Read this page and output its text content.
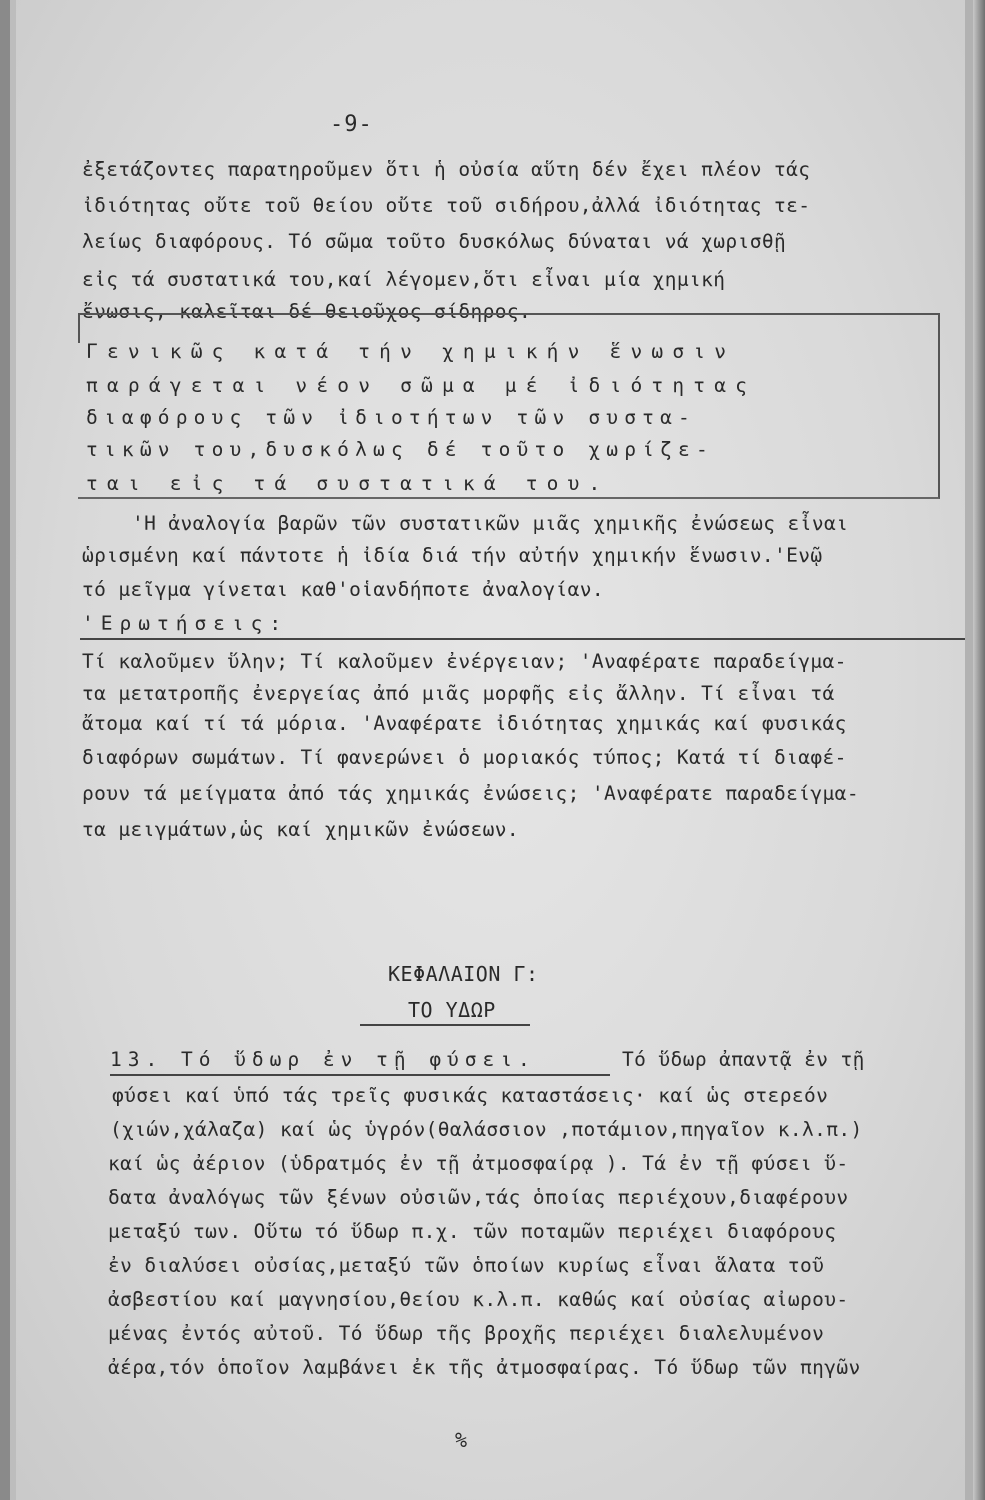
-9-
ἐξετάζοντες παρατηροῦμεν ὅτι ἡ οὐσία αὕτη δέν ἔχει πλέον τάς
ἰδιότητας οὔτε τοῦ θείου οὔτε τοῦ σιδήρου,ἀλλά ἰδιότητας τε-
λείως διαφόρους. Τό σῶμα τοῦτο δυσκόλως δύναται νά χωρισθῇ
εἰς τά συστατικά του,καί λέγομεν,ὅτι εἶναι μία χημική
ἔνωσις, καλεῖται δέ θειοῦχος σίδηρος.
Γενικῶς κατά τήν χημικήν ἕνωσιν
παράγεται νέον σῶμα μέ ἰδιότητας
διαφόρους τῶν ἰδιοτήτων τῶν συστα-
τικῶν του,δυσκόλως δέ τοῦτο χωρίζε-
ται εἰς τά συστατικά του.
'Η ἀναλογία βαρῶν τῶν συστατικῶν μιᾶς χημικῆς ἐνώσεως εἶναι
ὡρισμένη καί πάντοτε ἡ ἰδία διά τήν αὐτήν χημικήν ἕνωσιν.'Ενῷ
τό μεῖγμα γίνεται καθ'οἱανδήποτε ἀναλογίαν.
'Ερωτήσεις:
Τί καλοῦμεν ὕλην; Τί καλοῦμεν ἐνέργειαν; 'Αναφέρατε παραδείγμα-
τα μετατροπῆς ἐνεργείας ἀπό μιᾶς μορφῆς εἰς ἄλλην. Τί εἶναι τά
ἄτομα καί τί τά μόρια. 'Αναφέρατε ἰδιότητας χημικάς καί φυσικάς
διαφόρων σωμάτων. Τί φανερώνει ὁ μοριακός τύπος; Κατά τί διαφέ-
ρουν τά μείγματα ἀπό τάς χημικάς ἐνώσεις; 'Αναφέρατε παραδείγμα-
τα μειγμάτων,ὡς καί χημικῶν ἐνώσεων.
ΚΕΦΑΛΑΙΟΝ Γ:
ΤΟ ΥΔΩΡ
13. Τό ὕδωρ ἐν τῇ φύσει.	Τό ὕδωρ ἀπαντᾷ ἐν τῇ
φύσει καί ὑπό τάς τρεῖς φυσικάς καταστάσεις· καί ὡς στερεόν
(χιών,χάλαζα) καί ὡς ὑγρόν(θαλάσσιον ,ποτάμιον,πηγαῖον κ.λ.π.)
καί ὡς ἀέριον (ὑδρατμός ἐν τῇ ἀτμοσφαίρᾳ ). Τά ἐν τῇ φύσει ὕ-
δατα ἀναλόγως τῶν ξένων οὐσιῶν,τάς ὁποίας περιέχουν,διαφέρουν
μεταξύ των. Οὕτω τό ὕδωρ π.χ. τῶν ποταμῶν περιέχει διαφόρους
ἐν διαλύσει οὐσίας,μεταξύ τῶν ὁποίων κυρίως εἶναι ἅλατα τοῦ
ἀσβεστίου καί μαγνησίου,θείου κ.λ.π. καθώς καί οὐσίας αἰωρου-
μένας ἐντός αὐτοῦ. Τό ὕδωρ τῆς βροχῆς περιέχει διαλελυμένον
ἀέρα,τόν ὁποῖον λαμβάνει ἐκ τῆς ἀτμοσφαίρας. Τό ὕδωρ τῶν πηγῶν
%
